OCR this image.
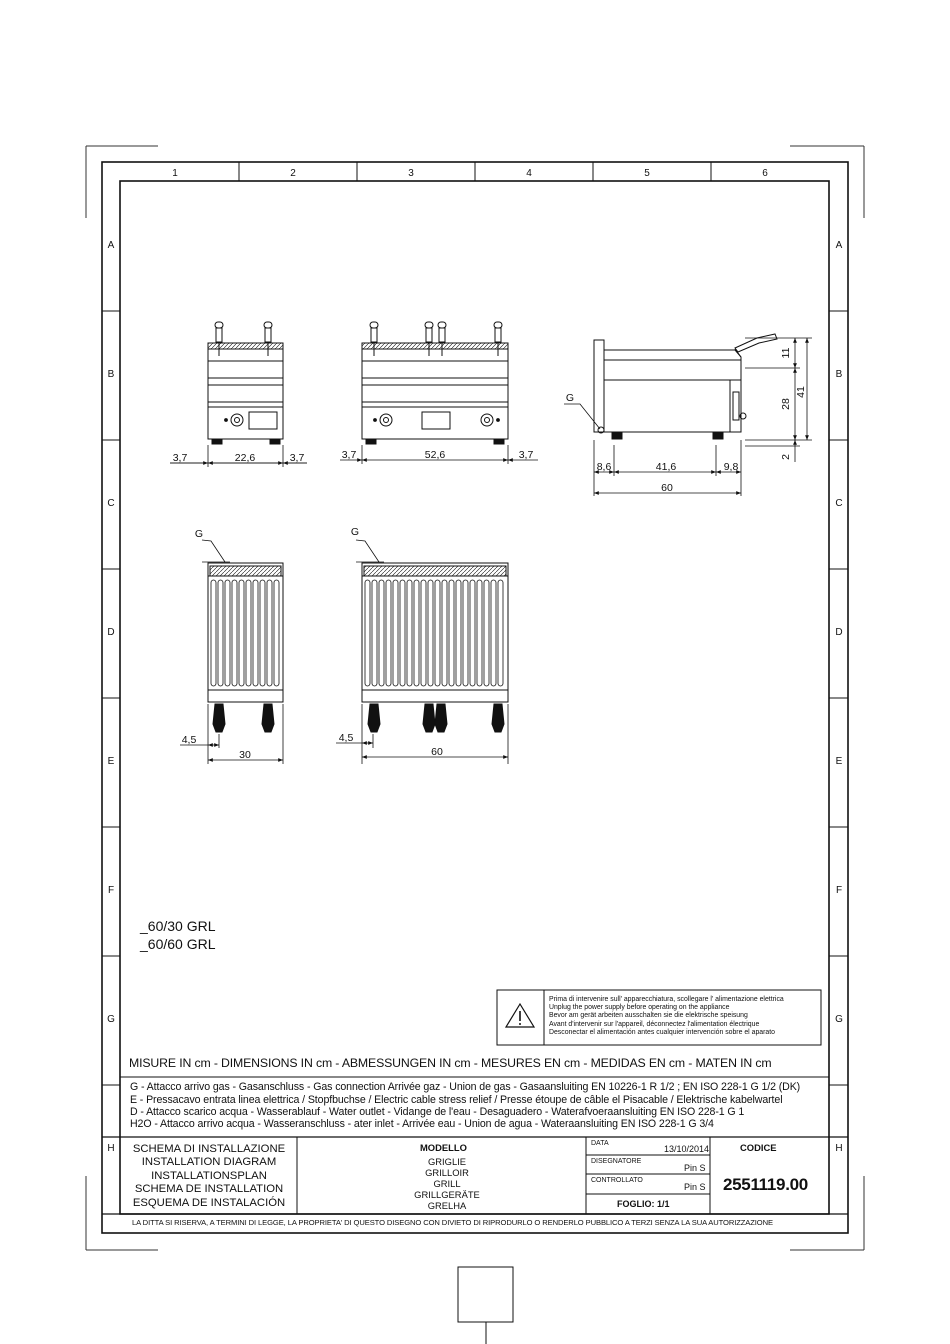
1	2	3	4	5	6
A	A
B	B
C	C
D	D
E	E
F	F
G	G
H	H
3,7	22,6	3,7	3,7	52,6	3,7
G
8,6	41,6	9,8
60
11
28
41
2
G
4,5
30
G
4,5
60
_60/30 GRL
_60/60 GRL
Prima di intervenire sull' apparecchiatura, scollegare l' alimentazione elettrica
Unplug the power supply before operating on the appliance
Bevor am gerät arbeiten ausschalten sie die elektrische speisung
Avant d'intervenir sur l'appareil, déconnectez l'alimentation électrique
Desconectar el alimentación antes cualquier intervención sobre el aparato
MISURE IN cm - DIMENSIONS IN cm - ABMESSUNGEN IN cm - MESURES EN cm - MEDIDAS EN cm - MATEN IN cm
G - Attacco arrivo gas - Gasanschluss - Gas connection Arrivée gaz - Union de gas - Gasaansluiting EN 10226-1 R 1/2 ; EN ISO 228-1 G 1/2 (DK)
E - Pressacavo entrata linea elettrica / Stopfbuchse / Electric cable stress relief / Presse étoupe de câble el Pisacable / Elektrische kabelwartel
D - Attacco scarico acqua - Wasserablauf - Water outlet - Vidange de l'eau - Desaguadero - Waterafvoeraansluiting EN ISO 228-1 G 1
H2O - Attacco arrivo acqua - Wasseranschluss - ater inlet - Arrivée eau - Union de agua - Wateraansluiting EN ISO 228-1 G 3/4
SCHEMA DI INSTALLAZIONE
INSTALLATION DIAGRAM
INSTALLATIONSPLAN
SCHEMA DE INSTALLATION
ESQUEMA DE INSTALACIÓN
MODELLO
GRIGLIE
GRILLOIR
GRILL
GRILLGERÄTE
GRELHA
DATA
13/10/2014
DISEGNATORE
Pin S
CONTROLLATO
Pin S
FOGLIO: 1/1
CODICE
2551119.00
LA DITTA SI RISERVA, A TERMINI DI LEGGE, LA PROPRIETA' DI QUESTO DISEGNO CON DIVIETO DI RIPRODURLO O RENDERLO PUBBLICO A TERZI SENZA LA SUA AUTORIZZAZIONE
